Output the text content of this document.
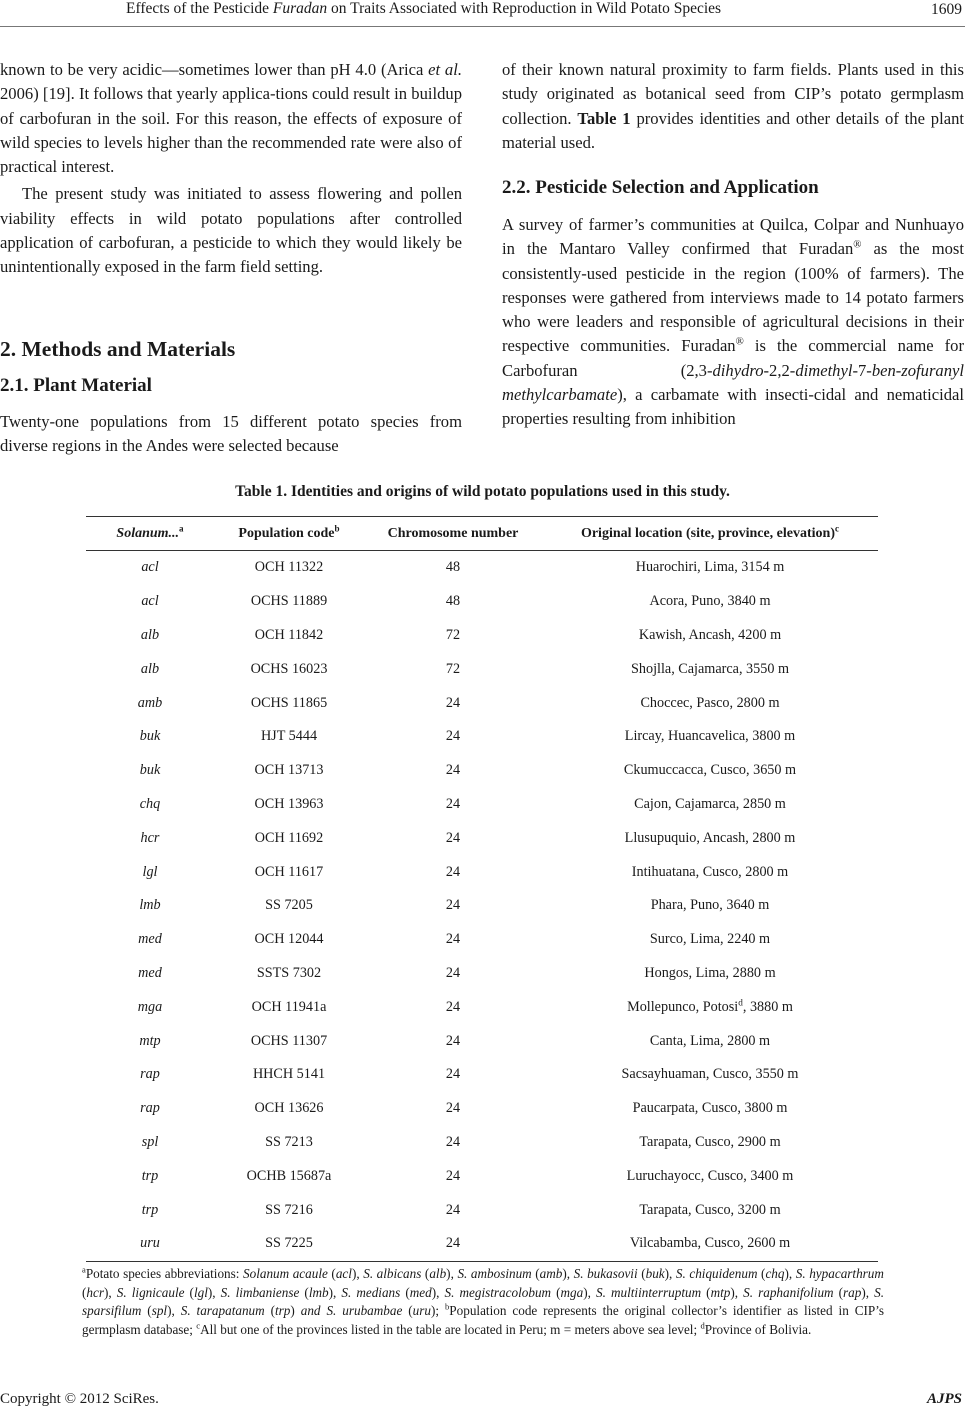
Effects of the Pesticide Furadan on Traits Associated with Reproduction in Wild Potato Species	1609

known to be very acidic—sometimes lower than pH 4.0 (Arica et al. 2006) [19]. It follows that yearly applica-tions could result in buildup of carbofuran in the soil. For this reason, the effects of exposure of wild species to levels higher than the recommended rate were also of practical interest.

The present study was initiated to assess flowering and pollen viability effects in wild potato populations after controlled application of carbofuran, a pesticide to which they would likely be unintentionally exposed in the farm field setting.

2. Methods and Materials
2.1. Plant Material

Twenty-one populations from 15 different potato species from diverse regions in the Andes were selected because

of their known natural proximity to farm fields. Plants used in this study originated as botanical seed from CIP’s potato germplasm collection. Table 1 provides identities and other details of the plant material used.

2.2. Pesticide Selection and Application

A survey of farmer’s communities at Quilca, Colpar and Nunhuayo in the Mantaro Valley confirmed that Furadan® as the most consistently-used pesticide in the region (100% of farmers). The responses were gathered from interviews made to 14 potato farmers who were leaders and responsible of agricultural decisions in their respective communities. Furadan® is the commercial name for Carbofuran (2,3-dihydro-2,2-dimethyl-7-ben-zofuranyl methylcarbamate), a carbamate with insecti-cidal and nematicidal properties resulting from inhibition

Table 1. Identities and origins of wild potato populations used in this study.
Solanum...$^a$	Population code$^b$	Chromosome number	Original location (site, province, elevation)$^c$
acl	OCH 11322	48	Huarochiri, Lima, 3154 m
acl	OCHS 11889	48	Acora, Puno, 3840 m
alb	OCH 11842	72	Kawish, Ancash, 4200 m
alb	OCHS 16023	72	Shojlla, Cajamarca, 3550 m
amb	OCHS 11865	24	Choccec, Pasco, 2800 m
buk	HJT 5444	24	Lircay, Huancavelica, 3800 m
buk	OCH 13713	24	Ckumuccacca, Cusco, 3650 m
chq	OCH 13963	24	Cajon, Cajamarca, 2850 m
hcr	OCH 11692	24	Llusupuquio, Ancash, 2800 m
lgl	OCH 11617	24	Intihuatana, Cusco, 2800 m
lmb	SS 7205	24	Phara, Puno, 3640 m
med	OCH 12044	24	Surco, Lima, 2240 m
med	SSTS 7302	24	Hongos, Lima, 2880 m
mga	OCH 11941a	24	Mollepunco, Potosi$^d$, 3880 m
mtp	OCHS 11307	24	Canta, Lima, 2800 m
rap	HHCH 5141	24	Sacsayhuaman, Cusco, 3550 m
rap	OCH 13626	24	Paucarpata, Cusco, 3800 m
spl	SS 7213	24	Tarapata, Cusco, 2900 m
trp	OCHB 15687a	24	Luruchayocc, Cusco, 3400 m
trp	SS 7216	24	Tarapata, Cusco, 3200 m
uru	SS 7225	24	Vilcabamba, Cusco, 2600 m
$^a$Potato species abbreviations: Solanum acaule (acl), S. albicans (alb), S. ambosinum (amb), S. bukasovii (buk), S. chiquidenum (chq), S. hypacarthrum (hcr), S. lignicaule (lgl), S. limbaniense (lmb), S. medians (med), S. megistracolobum (mga), S. multiinterruptum (mtp), S. raphanifolium (rap), S. sparsifilum (spl), S. tarapatanum (trp) and S. urubambae (uru); $^b$Population code represents the original collector’s identifier as listed in CIP’s germplasm database; $^c$All but one of the provinces listed in the table are located in Peru; m = meters above sea level; $^d$Province of Bolivia.
Copyright © 2012 SciRes.	AJPS
